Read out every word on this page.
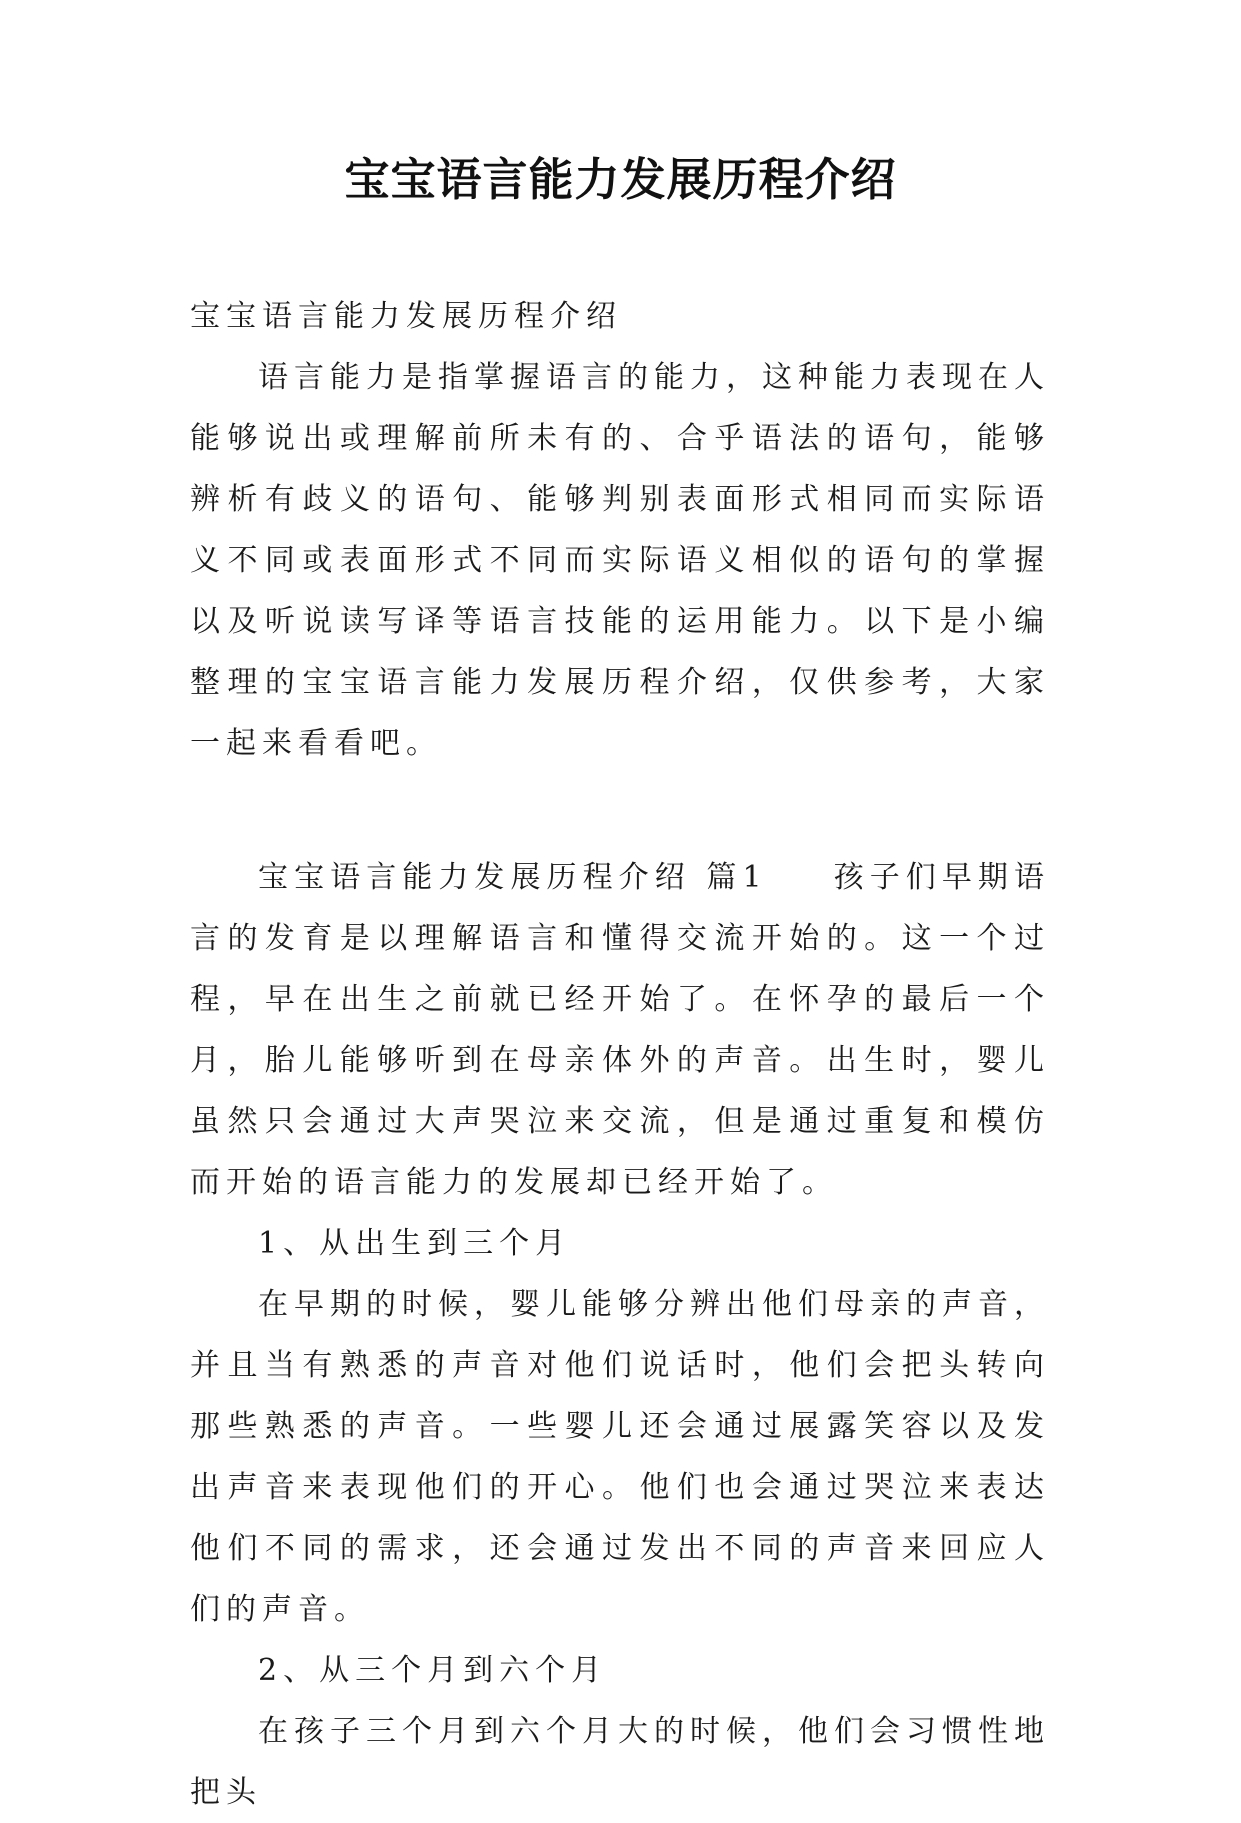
宝宝语言能力发展历程介绍

宝宝语言能力发展历程介绍

语言能力是指掌握语言的能力，这种能力表现在人能够说出或理解前所未有的、合乎语法的语句，能够辨析有歧义的语句、能够判别表面形式相同而实际语义不同或表面形式不同而实际语义相似的语句的掌握以及听说读写译等语言技能的运用能力。以下是小编整理的宝宝语言能力发展历程介绍，仅供参考，大家一起来看看吧。

宝宝语言能力发展历程介绍 篇1 孩子们早期语言的发育是以理解语言和懂得交流开始的。这一个过程，早在出生之前就已经开始了。在怀孕的最后一个月，胎儿能够听到在母亲体外的声音。出生时，婴儿虽然只会通过大声哭泣来交流，但是通过重复和模仿而开始的语言能力的发展却已经开始了。

1、从出生到三个月

在早期的时候，婴儿能够分辨出他们母亲的声音，并且当有熟悉的声音对他们说话时，他们会把头转向那些熟悉的声音。一些婴儿还会通过展露笑容以及发出声音来表现他们的开心。他们也会通过哭泣来表达他们不同的需求，还会通过发出不同的声音来回应人们的声音。

2、从三个月到六个月

在孩子三个月到六个月大的时候，他们会习惯性地把头
